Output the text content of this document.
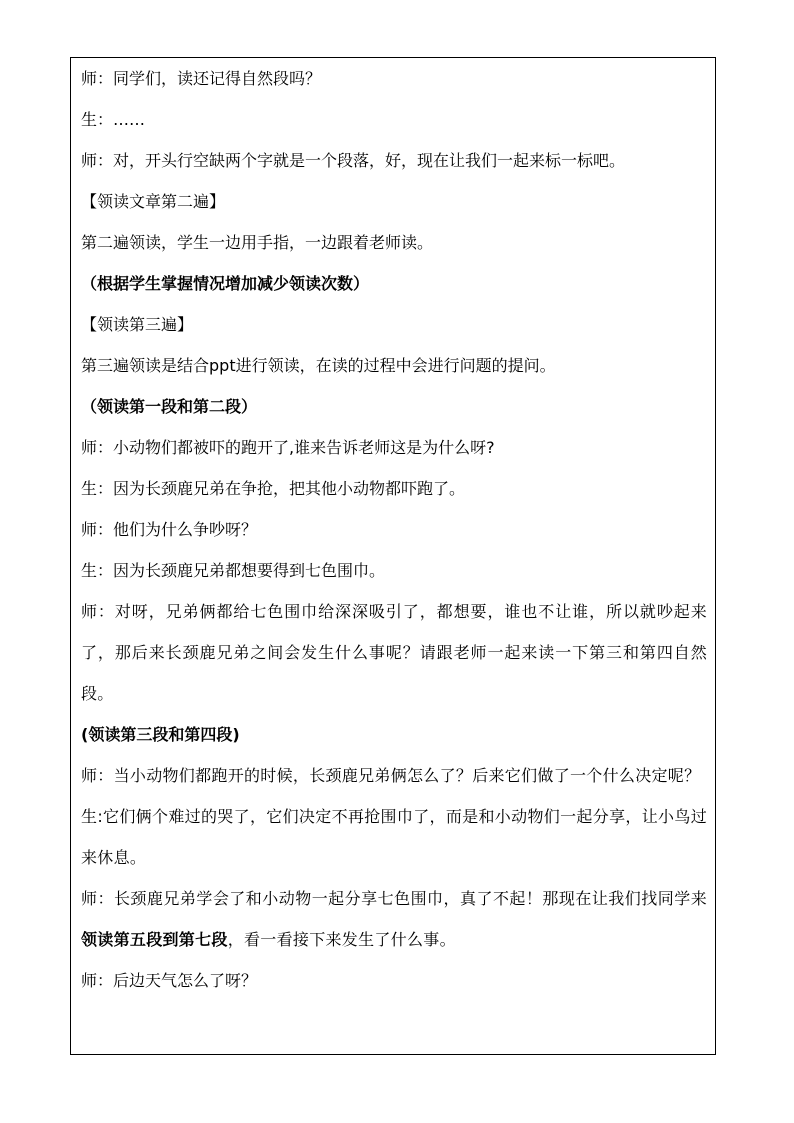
师：同学们，读还记得自然段吗？

生：……

师：对，开头行空缺两个字就是一个段落，好，现在让我们一起来标一标吧。

【领读文章第二遍】

第二遍领读，学生一边用手指，一边跟着老师读。

（根据学生掌握情况增加减少领读次数）

【领读第三遍】

第三遍领读是结合ppt进行领读，在读的过程中会进行问题的提问。

（领读第一段和第二段）

师：小动物们都被吓的跑开了,谁来告诉老师这是为什么呀?

生：因为长颈鹿兄弟在争抢，把其他小动物都吓跑了。

师：他们为什么争吵呀？

生：因为长颈鹿兄弟都想要得到七色围巾。

师：对呀，兄弟俩都给七色围巾给深深吸引了，都想要，谁也不让谁，所以就吵起来了，那后来长颈鹿兄弟之间会发生什么事呢？请跟老师一起来读一下第三和第四自然段。

(领读第三段和第四段)

师：当小动物们都跑开的时候，长颈鹿兄弟俩怎么了？后来它们做了一个什么决定呢？

生:它们俩个难过的哭了，它们决定不再抢围巾了，而是和小动物们一起分享，让小鸟过来休息。

师：长颈鹿兄弟学会了和小动物一起分享七色围巾，真了不起！那现在让我们找同学来领读第五段到第七段，看一看接下来发生了什么事。

师：后边天气怎么了呀？
